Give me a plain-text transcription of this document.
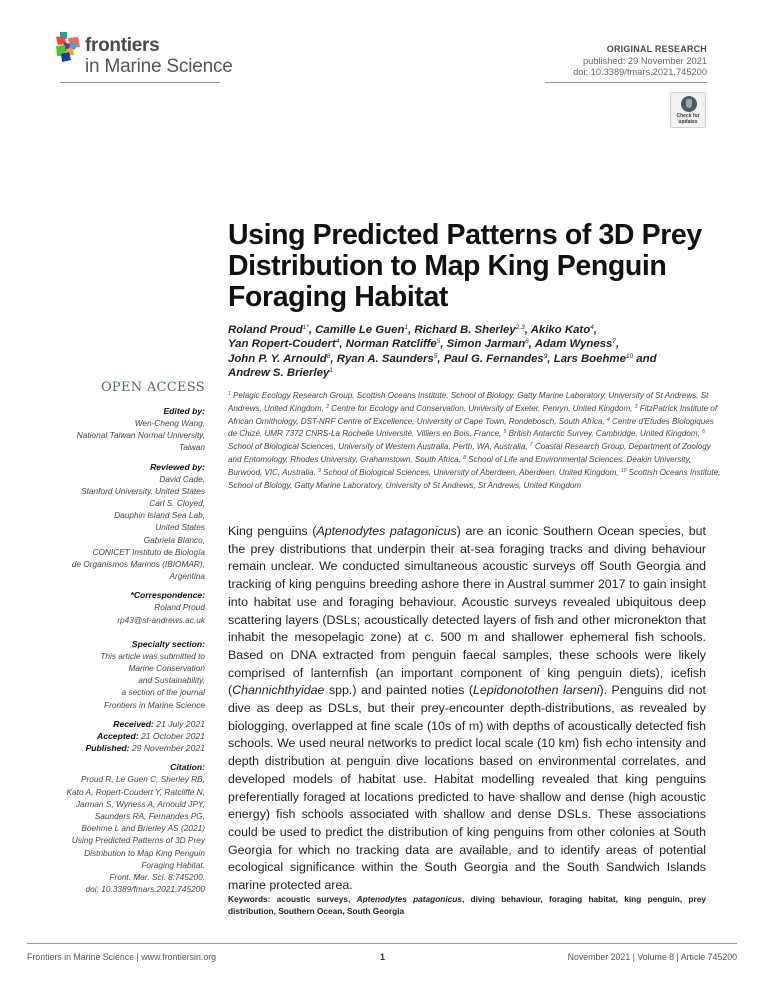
frontiers
in Marine Science
ORIGINAL RESEARCH
published: 29 November 2021
doi: 10.3389/fmars.2021.745200
Check for
updates
Using Predicted Patterns of 3D Prey Distribution to Map King Penguin Foraging Habitat
Roland Proud$^{1*}$, Camille Le Guen$^1$, Richard B. Sherley$^{2,3}$, Akiko Kato$^4$,
Yan Ropert-Coudert$^4$, Norman Ratcliffe$^5$, Simon Jarman$^6$, Adam Wyness$^7$,
John P. Y. Arnould$^8$, Ryan A. Saunders$^5$, Paul G. Fernandes$^9$, Lars Boehme$^{10}$ and
Andrew S. Brierley$^1$
$^1$ Pelagic Ecology Research Group, Scottish Oceans Institute, School of Biology, Gatty Marine Laboratory, University of St Andrews, St Andrews, United Kingdom, $^2$ Centre for Ecology and Conservation, University of Exeter, Penryn, United Kingdom, $^3$ FitzPatrick Institute of African Ornithology, DST-NRF Centre of Excellence, University of Cape Town, Rondebosch, South Africa, $^4$ Centre d'Etudes Biologiques de Chizé, UMR 7372 CNRS-La Rochelle Université, Villiers en Bois, France, $^5$ British Antarctic Survey, Cambridge, United Kingdom, $^6$ School of Biological Sciences, University of Western Australia, Perth, WA, Australia, $^7$ Coastal Research Group, Department of Zoology and Entomology, Rhodes University, Grahamstown, South Africa, $^8$ School of Life and Environmental Sciences, Deakin University, Burwood, VIC, Australia, $^9$ School of Biological Sciences, University of Aberdeen, Aberdeen, United Kingdom, $^{10}$ Scottish Oceans Institute, School of Biology, Gatty Marine Laboratory, University of St Andrews, St Andrews, United Kingdom
OPEN ACCESS
Edited by:
Wen-Cheng Wang,
National Taiwan Normal University,
Taiwan
Reviewed by:
David Cade,
Stanford University, United States
Carl S. Cloyed,
Dauphin Island Sea Lab,
United States
Gabriela Blanco,
CONICET Instituto de Biología
de Organismos Marinos (IBIOMAR),
Argentina
*Correspondence:
Roland Proud
rp43@st-andrews.ac.uk
Specialty section:
This article was submitted to
Marine Conservation
and Sustainability,
a section of the journal
Frontiers in Marine Science
Received: 21 July 2021
Accepted: 21 October 2021
Published: 29 November 2021
Citation:
Proud R, Le Guen C, Sherley RB,
Kato A, Ropert-Coudert Y, Ratcliffe N,
Jarman S, Wyness A, Arnould JPY,
Saunders RA, Fernandes PG,
Boehme L and Brierley AS (2021)
Using Predicted Patterns of 3D Prey
Distribution to Map King Penguin
Foraging Habitat.
Front. Mar. Sci. 8:745200.
doi: 10.3389/fmars.2021.745200
King penguins (Aptenodytes patagonicus) are an iconic Southern Ocean species, but the prey distributions that underpin their at-sea foraging tracks and diving behaviour remain unclear. We conducted simultaneous acoustic surveys off South Georgia and tracking of king penguins breeding ashore there in Austral summer 2017 to gain insight into habitat use and foraging behaviour. Acoustic surveys revealed ubiquitous deep scattering layers (DSLs; acoustically detected layers of fish and other micronekton that inhabit the mesopelagic zone) at c. 500 m and shallower ephemeral fish schools. Based on DNA extracted from penguin faecal samples, these schools were likely comprised of lanternfish (an important component of king penguin diets), icefish (Channichthyidae spp.) and painted noties (Lepidonotothen larseni). Penguins did not dive as deep as DSLs, but their prey-encounter depth-distributions, as revealed by biologging, overlapped at fine scale (10s of m) with depths of acoustically detected fish schools. We used neural networks to predict local scale (10 km) fish echo intensity and depth distribution at penguin dive locations based on environmental correlates, and developed models of habitat use. Habitat modelling revealed that king penguins preferentially foraged at locations predicted to have shallow and dense (high acoustic energy) fish schools associated with shallow and dense DSLs. These associations could be used to predict the distribution of king penguins from other colonies at South Georgia for which no tracking data are available, and to identify areas of potential ecological significance within the South Georgia and the South Sandwich Islands marine protected area.
Keywords: acoustic surveys, Aptenodytes patagonicus, diving behaviour, foraging habitat, king penguin, prey distribution, Southern Ocean, South Georgia
Frontiers in Marine Science | www.frontiersin.org	1	November 2021 | Volume 8 | Article 745200
